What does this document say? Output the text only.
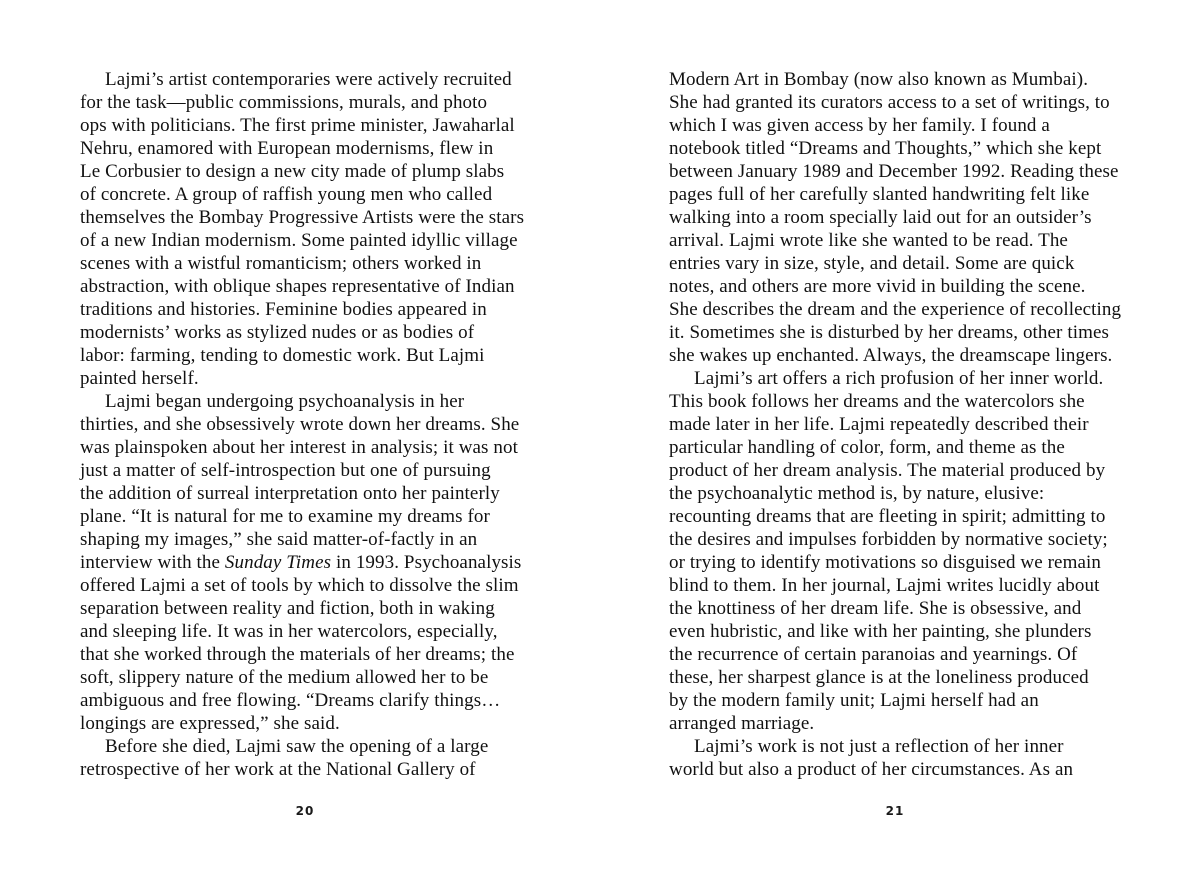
Lajmi’s artist contemporaries were actively recruited
for the task—public commissions, murals, and photo
ops with politicians. The first prime minister, Jawaharlal
Nehru, enamored with European modernisms, flew in
Le Corbusier to design a new city made of plump slabs
of concrete. A group of raffish young men who called
themselves the Bombay Progressive Artists were the stars
of a new Indian modernism. Some painted idyllic village
scenes with a wistful romanticism; others worked in
abstraction, with oblique shapes representative of Indian
traditions and histories. Feminine bodies appeared in
modernists’ works as stylized nudes or as bodies of
labor: farming, tending to domestic work. But Lajmi
painted herself.
Lajmi began undergoing psychoanalysis in her
thirties, and she obsessively wrote down her dreams. She
was plainspoken about her interest in analysis; it was not
just a matter of self-introspection but one of pursuing
the addition of surreal interpretation onto her painterly
plane. “It is natural for me to examine my dreams for
shaping my images,” she said matter-of-factly in an
interview with the Sunday Times in 1993. Psychoanalysis
offered Lajmi a set of tools by which to dissolve the slim
separation between reality and fiction, both in waking
and sleeping life. It was in her watercolors, especially,
that she worked through the materials of her dreams; the
soft, slippery nature of the medium allowed her to be
ambiguous and free flowing. “Dreams clarify things…
longings are expressed,” she said.
Before she died, Lajmi saw the opening of a large
retrospective of her work at the National Gallery of
20
Modern Art in Bombay (now also known as Mumbai).
She had granted its curators access to a set of writings, to
which I was given access by her family. I found a
notebook titled “Dreams and Thoughts,” which she kept
between January 1989 and December 1992. Reading these
pages full of her carefully slanted handwriting felt like
walking into a room specially laid out for an outsider’s
arrival. Lajmi wrote like she wanted to be read. The
entries vary in size, style, and detail. Some are quick
notes, and others are more vivid in building the scene.
She describes the dream and the experience of recollecting
it. Sometimes she is disturbed by her dreams, other times
she wakes up enchanted. Always, the dreamscape lingers.
Lajmi’s art offers a rich profusion of her inner world.
This book follows her dreams and the watercolors she
made later in her life. Lajmi repeatedly described their
particular handling of color, form, and theme as the
product of her dream analysis. The material produced by
the psychoanalytic method is, by nature, elusive:
recounting dreams that are fleeting in spirit; admitting to
the desires and impulses forbidden by normative society;
or trying to identify motivations so disguised we remain
blind to them. In her journal, Lajmi writes lucidly about
the knottiness of her dream life. She is obsessive, and
even hubristic, and like with her painting, she plunders
the recurrence of certain paranoias and yearnings. Of
these, her sharpest glance is at the loneliness produced
by the modern family unit; Lajmi herself had an
arranged marriage.
Lajmi’s work is not just a reflection of her inner
world but also a product of her circumstances. As an
21
